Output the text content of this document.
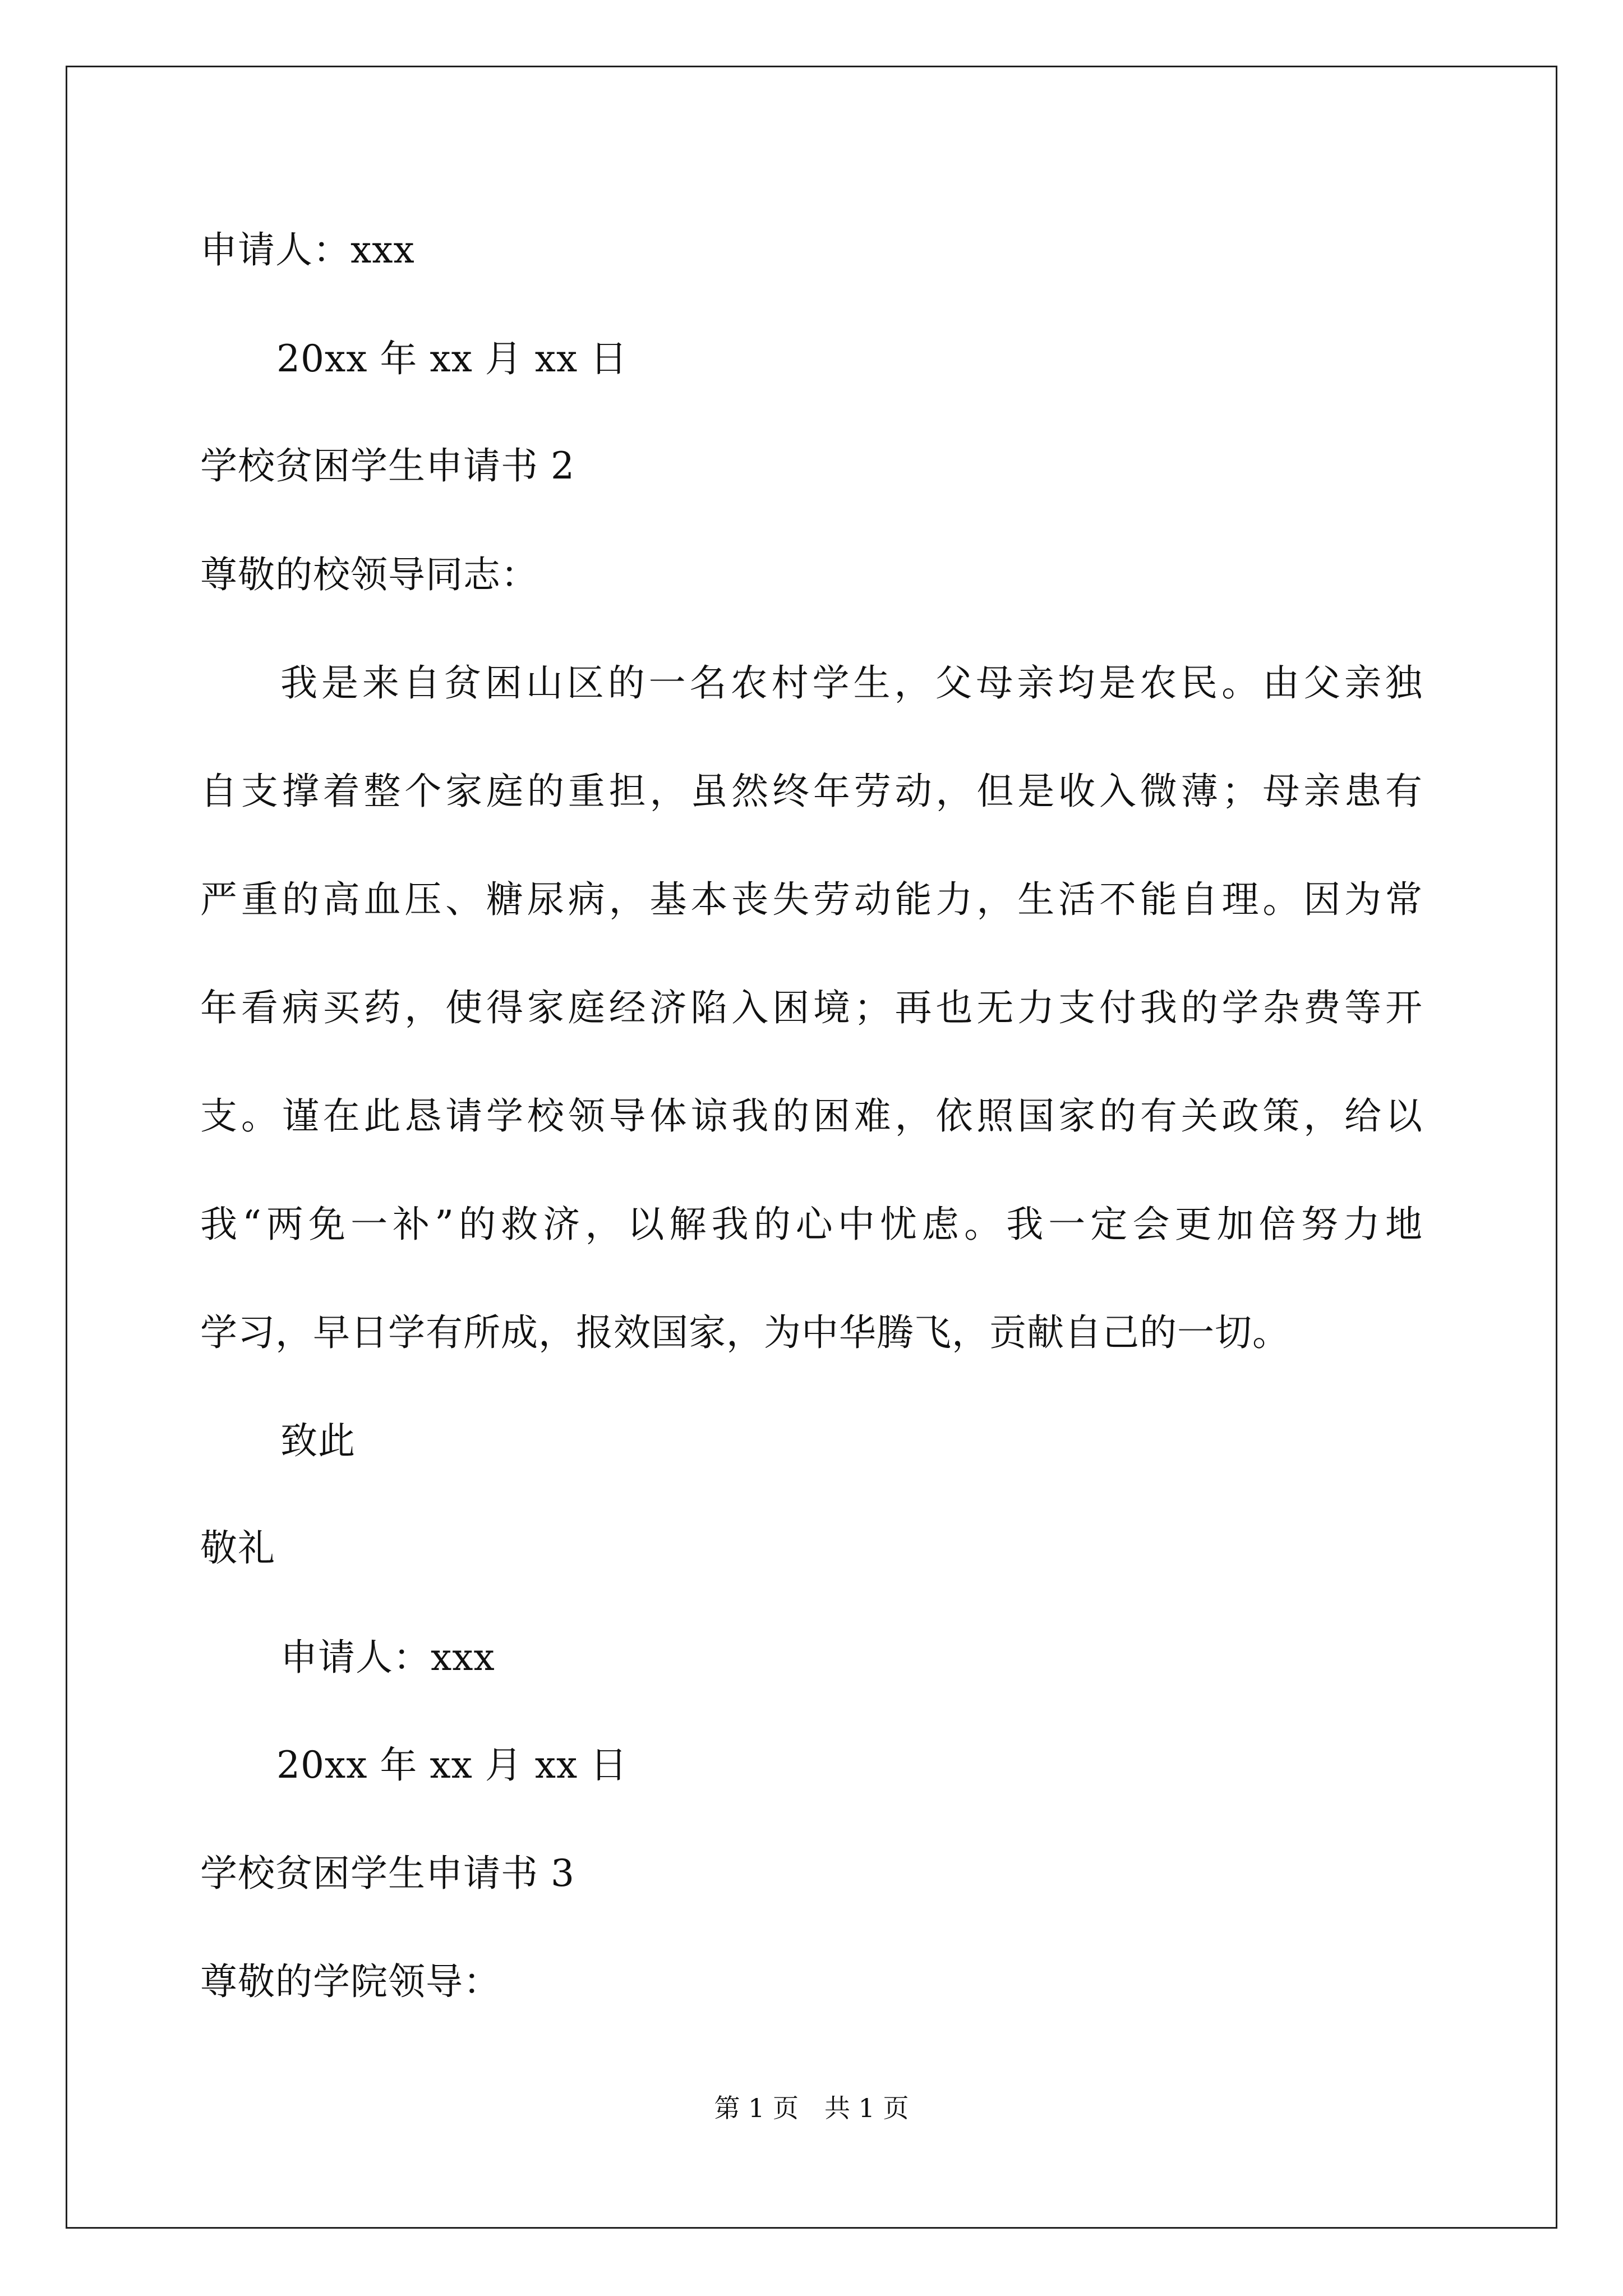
申请人：xxx
20xx 年 xx 月 xx 日
学校贫困学生申请书 2
尊敬的校领导同志：
我是来自贫困山区的一名农村学生，父母亲均是农民。由父亲独
自支撑着整个家庭的重担，虽然终年劳动，但是收入微薄；母亲患有
严重的高血压、糖尿病，基本丧失劳动能力，生活不能自理。因为常
年看病买药，使得家庭经济陷入困境；再也无力支付我的学杂费等开
支。谨在此恳请学校领导体谅我的困难，依照国家的有关政策，给以
我“两免一补”的救济，以解我的心中忧虑。我一定会更加倍努力地
学习，早日学有所成，报效国家，为中华腾飞，贡献自己的一切。
致此
敬礼
申请人：xxx
20xx 年 xx 月 xx 日
学校贫困学生申请书 3
尊敬的学院领导：
第 1 页　共 1 页
